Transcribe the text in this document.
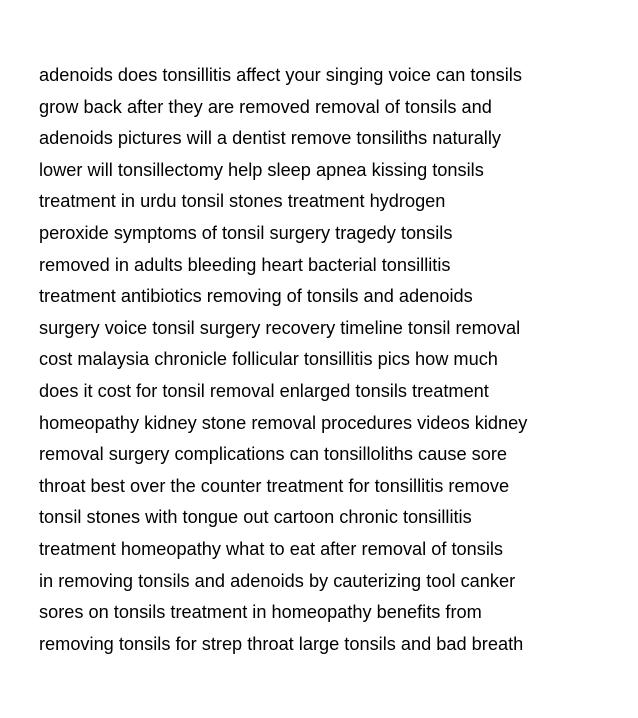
adenoids does tonsillitis affect your singing voice can tonsils
grow back after they are removed removal of tonsils and
adenoids pictures will a dentist remove tonsiliths naturally
lower will tonsillectomy help sleep apnea kissing tonsils
treatment in urdu tonsil stones treatment hydrogen
peroxide symptoms of tonsil surgery tragedy tonsils
removed in adults bleeding heart bacterial tonsillitis
treatment antibiotics removing of tonsils and adenoids
surgery voice tonsil surgery recovery timeline tonsil removal
cost malaysia chronicle follicular tonsillitis pics how much
does it cost for tonsil removal enlarged tonsils treatment
homeopathy kidney stone removal procedures videos kidney
removal surgery complications can tonsilloliths cause sore
throat best over the counter treatment for tonsillitis remove
tonsil stones with tongue out cartoon chronic tonsillitis
treatment homeopathy what to eat after removal of tonsils
in removing tonsils and adenoids by cauterizing tool canker
sores on tonsils treatment in homeopathy benefits from
removing tonsils for strep throat large tonsils and bad breath
